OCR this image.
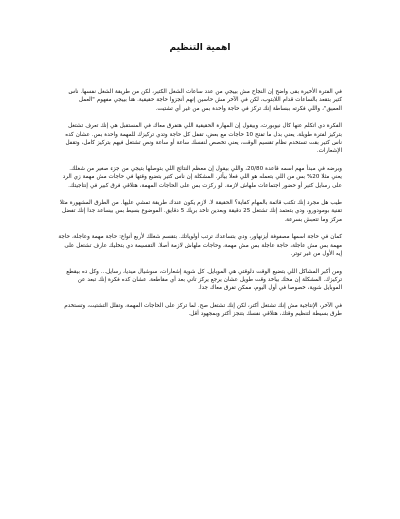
اهمية التنظيم

في الفترة الأخيرة بقى واضح إن النجاح مش بييجي من عدد ساعات الشغل الكتير، لكن من طريقة الشغل نفسها. ناس كتير بتقعد بالساعات قدام اللابتوب، لكن في الآخر مش حاسين إنهم أنجزوا حاجة حقيقية. هنا بييجي مفهوم "العمل العميق"، واللي فكرته ببساطة إنك تركز في حاجة واحدة بس من غير أي تشتيت.

الفكرة دي اتكلم عنها كال نيوبورت، وبيقول إن المهارة الحقيقية اللي هتفرق معاك في المستقبل هي إنك تعرف تشتغل بتركيز لفترة طويلة. يعني بدل ما تفتح 10 حاجات مع بعض، تقفل كل حاجة وتدي تركيزك للمهمة واحدة بس. عشان كده ناس كتير بقت تستخدم نظام تقسيم الوقت، يعني تخصص لنفسك ساعة أو ساعة ونص تشتغل فيهم بتركيز كامل، وتقفل الإشعارات.

وبرضه في مبدأ مهم اسمه قاعدة 20/80، واللي بيقول إن معظم النتائج اللي بتوصلها بتيجي من جزء صغير من شغلك. يعني مثلا 20% بس من اللي بتعمله هو اللي فعلا بيأثر. المشكلة إن ناس كتير بتضيع وقتها في حاجات مش مهمة زي الرد على رسايل كتير أو حضور اجتماعات ملهاش لازمة. لو ركزت بس على الحاجات المهمة، هتلاقي فرق كبير في إنتاجيتك.

طيب هل مجرد إنك تكتب قائمة بالمهام كفاية؟ الحقيقة لا. لازم يكون عندك طريقة تمشي عليها. من الطرق المشهورة مثلا تقنية بومودورو، ودي بتعتمد إنك تشتغل 25 دقيقة وبعدين تاخد بريك 5 دقايق. الموضوع بسيط بس بيساعد جدا إنك تفضل مركز وما تتعبش بسرعة.

كمان في حاجة اسمها مصفوفة أيزنهاور، ودي بتساعدك ترتب أولوياتك. بتقسم شغلك لأربع أنواع: حاجة مهمة وعاجلة، حاجة مهمة بس مش عاجلة، حاجة عاجلة بس مش مهمة، وحاجات ملهاش لازمة أصلا. التقسيمة دي بتخليك عارف تشتغل على إيه الأول من غير توتر.

ومن أكبر المشاكل اللي بتضيع الوقت دلوقتي هي الموبايل. كل شوية إشعارات، سوشيال ميديا، رسايل... وكل ده بيقطع تركيزك. المشكلة إن مخك بياخد وقت طويل عشان يرجع يركز تاني بعد أي مقاطعة. عشان كده فكرة إنك تبعد عن الموبايل شوية، خصوصا في أول اليوم، ممكن تفرق معاك جدا.

في الآخر، الإنتاجية مش إنك تشتغل أكتر، لكن إنك تشتغل صح. لما تركز على الحاجات المهمة، وتقلل التشتيت، وتستخدم طرق بسيطة لتنظيم وقتك، هتلاقي نفسك بتنجز أكتر وبمجهود أقل.
